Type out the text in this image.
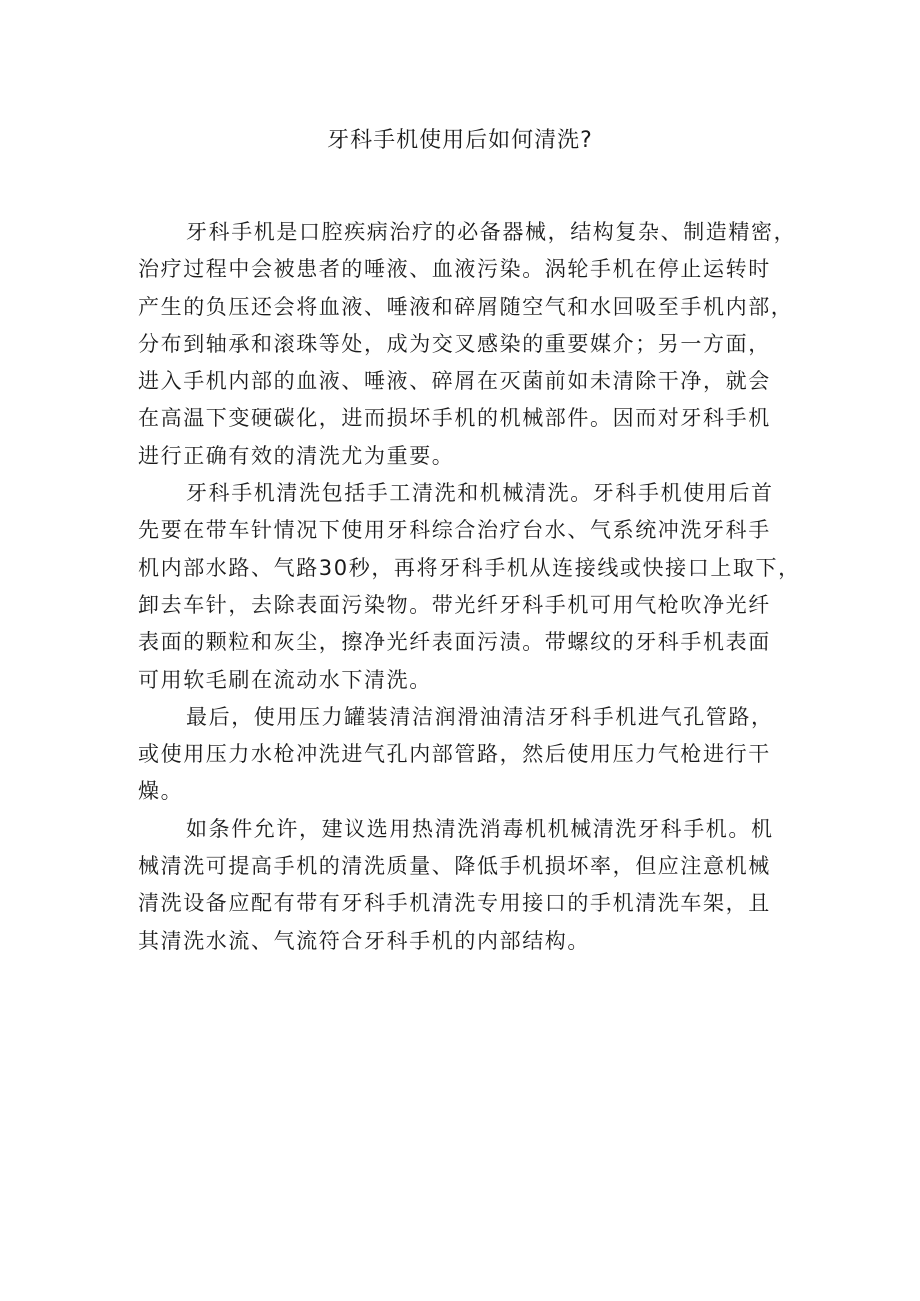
牙科手机使用后如何清洗?
牙科手机是口腔疾病治疗的必备器械，结构复杂、制造精密，
治疗过程中会被患者的唾液、血液污染。涡轮手机在停止运转时
产生的负压还会将血液、唾液和碎屑随空气和水回吸至手机内部，
分布到轴承和滚珠等处，成为交叉感染的重要媒介；另一方面，
进入手机内部的血液、唾液、碎屑在灭菌前如未清除干净，就会
在高温下变硬碳化，进而损坏手机的机械部件。因而对牙科手机
进行正确有效的清洗尤为重要。
牙科手机清洗包括手工清洗和机械清洗。牙科手机使用后首
先要在带车针情况下使用牙科综合治疗台水、气系统冲洗牙科手
机内部水路、气路30秒，再将牙科手机从连接线或快接口上取下，
卸去车针，去除表面污染物。带光纤牙科手机可用气枪吹净光纤
表面的颗粒和灰尘，擦净光纤表面污渍。带螺纹的牙科手机表面
可用软毛刷在流动水下清洗。
最后，使用压力罐装清洁润滑油清洁牙科手机进气孔管路，
或使用压力水枪冲洗进气孔内部管路，然后使用压力气枪进行干
燥。
如条件允许，建议选用热清洗消毒机机械清洗牙科手机。机
械清洗可提高手机的清洗质量、降低手机损坏率，但应注意机械
清洗设备应配有带有牙科手机清洗专用接口的手机清洗车架，且
其清洗水流、气流符合牙科手机的内部结构。
